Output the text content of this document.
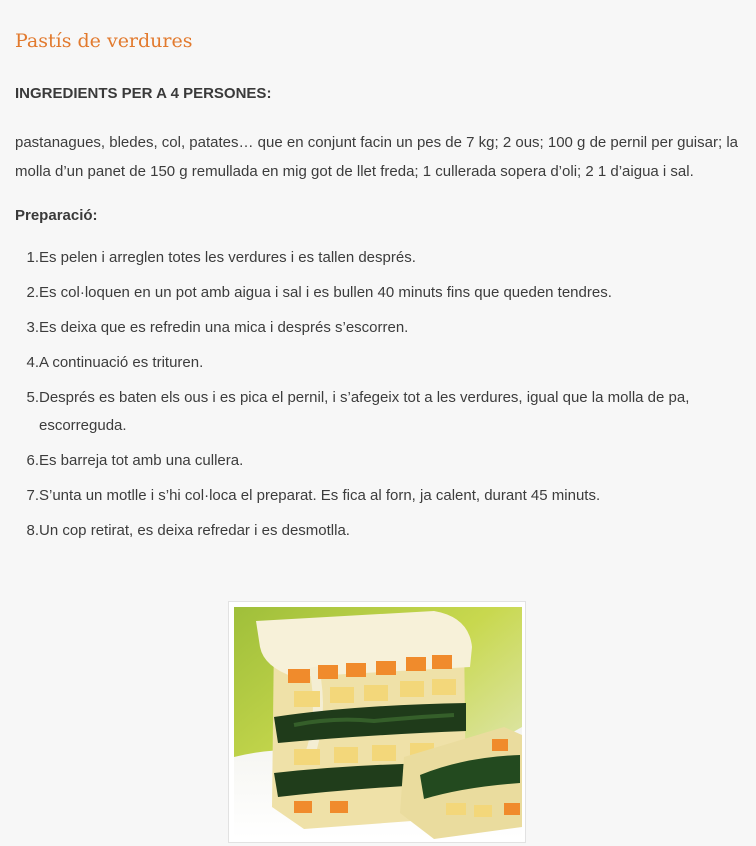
Pastís de verdures

INGREDIENTS PER A 4 PERSONES:

pastanagues, bledes, col, patates… que en conjunt facin un pes de 7 kg; 2 ous; 100 g de pernil per guisar; la molla d’un panet de 150 g remullada en mig got de llet freda; 1 cullerada sopera d’oli; 2 1 d’aigua i sal.

Preparació:

1. Es pelen i arreglen totes les verdures i es tallen després.
2. Es col·loquen en un pot amb aigua i sal i es bullen 40 minuts fins que queden tendres.
3. Es deixa que es refredin una mica i després s’escorren.
4. A continuació es trituren.
5. Després es baten els ous i es pica el pernil, i s’afegeix tot a les verdures, igual que la molla de pa, escorreguda.
6. Es barreja tot amb una cullera.
7. S’unta un motlle i s’hi col·loca el preparat. Es fica al forn, ja calent, durant 45 minuts.
8. Un cop retirat, es deixa refredar i es desmotlla.
